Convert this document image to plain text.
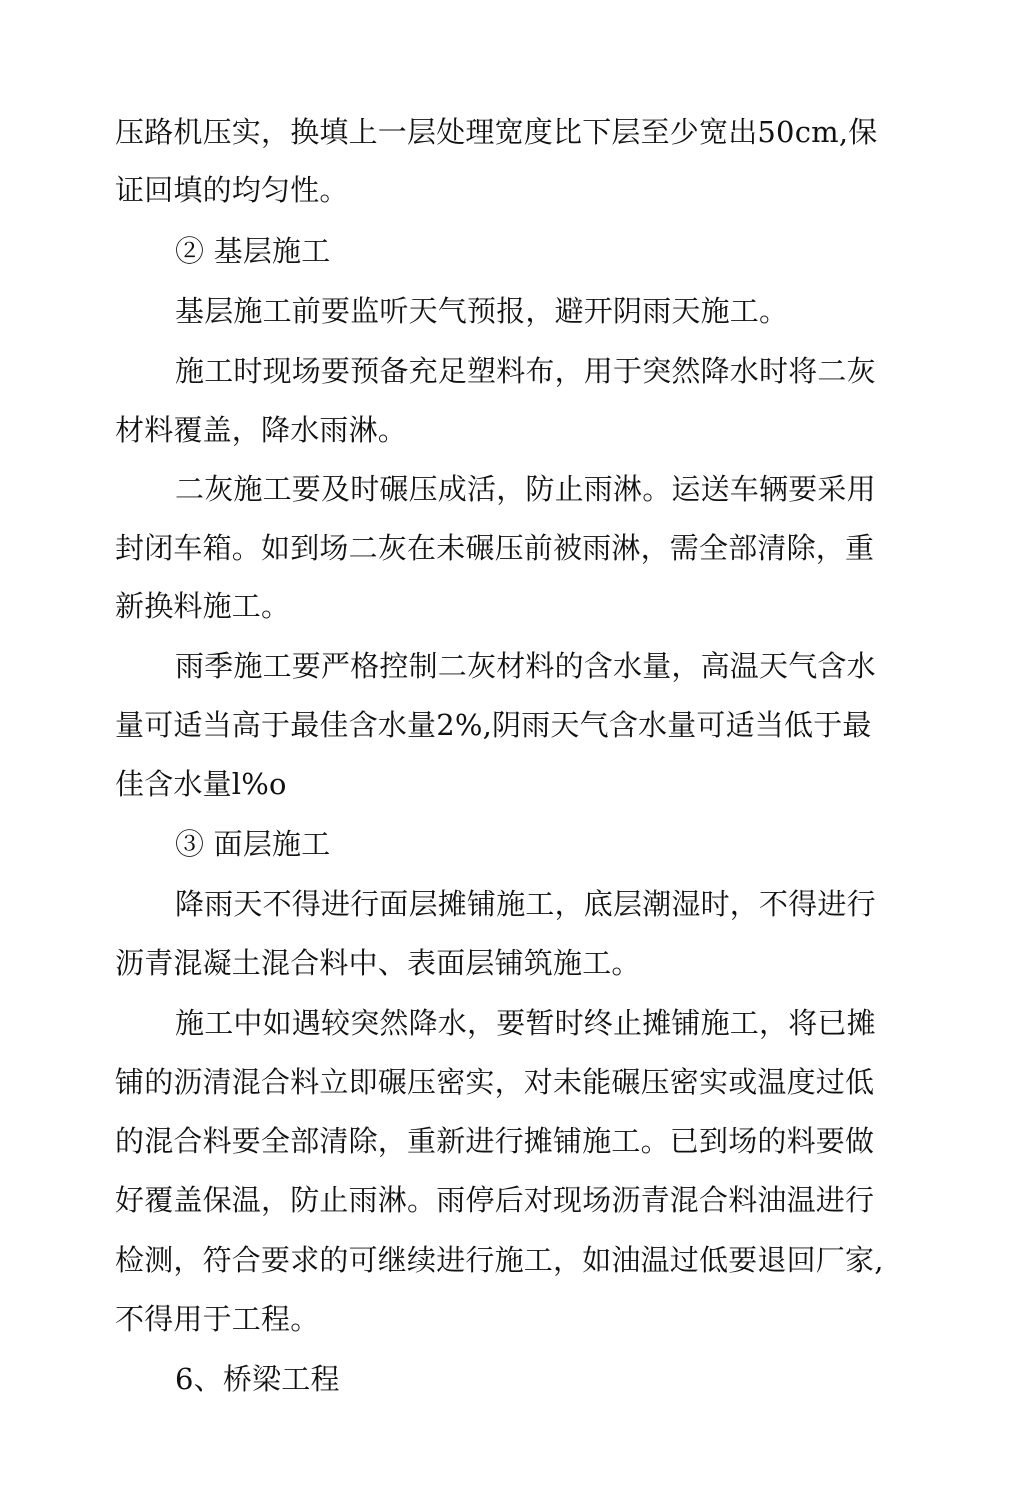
压路机压实，换填上一层处理宽度比下层至少宽出50cm,保
证回填的均匀性。
② 基层施工
基层施工前要监听天气预报，避开阴雨天施工。
施工时现场要预备充足塑料布，用于突然降水时将二灰
材料覆盖，降水雨淋。
二灰施工要及时碾压成活，防止雨淋。运送车辆要采用
封闭车箱。如到场二灰在未碾压前被雨淋，需全部清除，重
新换料施工。
雨季施工要严格控制二灰材料的含水量，高温天气含水
量可适当高于最佳含水量2%,阴雨天气含水量可适当低于最
佳含水量l%o
③ 面层施工
降雨天不得进行面层摊铺施工，底层潮湿时，不得进行
沥青混凝土混合料中、表面层铺筑施工。
施工中如遇较突然降水，要暂时终止摊铺施工，将已摊
铺的沥清混合料立即碾压密实，对未能碾压密实或温度过低
的混合料要全部清除，重新进行摊铺施工。已到场的料要做
好覆盖保温，防止雨淋。雨停后对现场沥青混合料油温进行
检测，符合要求的可继续进行施工，如油温过低要退回厂家,
不得用于工程。
6、桥梁工程
